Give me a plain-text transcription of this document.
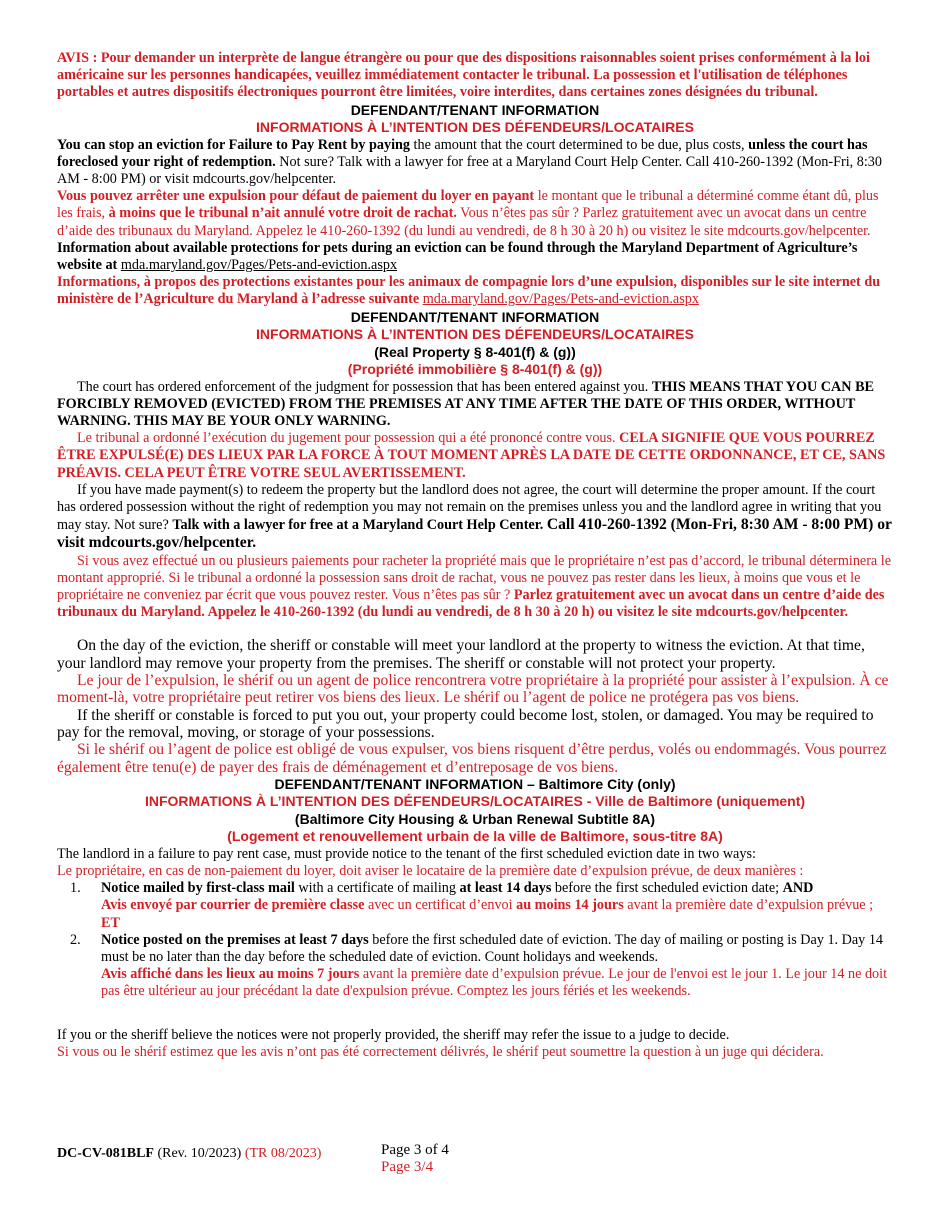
AVIS : Pour demander un interprète de langue étrangère ou pour que des dispositions raisonnables soient prises conformément à la loi américaine sur les personnes handicapées, veuillez immédiatement contacter le tribunal. La possession et l'utilisation de téléphones portables et autres dispositifs électroniques pourront être limitées, voire interdites, dans certaines zones désignées du tribunal.

DEFENDANT/TENANT INFORMATION
INFORMATIONS À L’INTENTION DES DÉFENDEURS/LOCATAIRES

You can stop an eviction for Failure to Pay Rent by paying the amount that the court determined to be due, plus costs, unless the court has foreclosed your right of redemption. Not sure? Talk with a lawyer for free at a Maryland Court Help Center. Call 410-260-1392 (Mon-Fri, 8:30 AM - 8:00 PM) or visit mdcourts.gov/helpcenter.

Vous pouvez arrêter une expulsion pour défaut de paiement du loyer en payant le montant que le tribunal a déterminé comme étant dû, plus les frais, à moins que le tribunal n’ait annulé votre droit de rachat. Vous n’êtes pas sûr ? Parlez gratuitement avec un avocat dans un centre d’aide des tribunaux du Maryland. Appelez le 410-260-1392 (du lundi au vendredi, de 8 h 30 à 20 h) ou visitez le site mdcourts.gov/helpcenter.

Information about available protections for pets during an eviction can be found through the Maryland Department of Agriculture’s website at mda.maryland.gov/Pages/Pets-and-eviction.aspx

Informations, à propos des protections existantes pour les animaux de compagnie lors d’une expulsion, disponibles sur le site internet du ministère de l’Agriculture du Maryland à l’adresse suivante mda.maryland.gov/Pages/Pets-and-eviction.aspx

DEFENDANT/TENANT INFORMATION
INFORMATIONS À L’INTENTION DES DÉFENDEURS/LOCATAIRES
(Real Property § 8-401(f) & (g))
(Propriété immobilière § 8-401(f) & (g))

The court has ordered enforcement of the judgment for possession that has been entered against you. THIS MEANS THAT YOU CAN BE FORCIBLY REMOVED (EVICTED) FROM THE PREMISES AT ANY TIME AFTER THE DATE OF THIS ORDER, WITHOUT WARNING. THIS MAY BE YOUR ONLY WARNING.

Le tribunal a ordonné l’exécution du jugement pour possession qui a été prononcé contre vous. CELA SIGNIFIE QUE VOUS POURREZ ÊTRE EXPULSÉ(E) DES LIEUX PAR LA FORCE À TOUT MOMENT APRÈS LA DATE DE CETTE ORDONNANCE, ET CE, SANS PRÉAVIS. CELA PEUT ÊTRE VOTRE SEUL AVERTISSEMENT.

If you have made payment(s) to redeem the property but the landlord does not agree, the court will determine the proper amount. If the court has ordered possession without the right of redemption you may not remain on the premises unless you and the landlord agree in writing that you may stay. Not sure? Talk with a lawyer for free at a Maryland Court Help Center. Call 410-260-1392 (Mon-Fri, 8:30 AM - 8:00 PM) or visit mdcourts.gov/helpcenter.

Si vous avez effectué un ou plusieurs paiements pour racheter la propriété mais que le propriétaire n’est pas d’accord, le tribunal déterminera le montant approprié. Si le tribunal a ordonné la possession sans droit de rachat, vous ne pouvez pas rester dans les lieux, à moins que vous et le propriétaire ne conveniez par écrit que vous pouvez rester. Vous n’êtes pas sûr ? Parlez gratuitement avec un avocat dans un centre d’aide des tribunaux du Maryland. Appelez le 410-260-1392 (du lundi au vendredi, de 8 h 30 à 20 h) ou visitez le site mdcourts.gov/helpcenter.

On the day of the eviction, the sheriff or constable will meet your landlord at the property to witness the eviction. At that time, your landlord may remove your property from the premises. The sheriff or constable will not protect your property.

Le jour de l’expulsion, le shérif ou un agent de police rencontrera votre propriétaire à la propriété pour assister à l’expulsion. À ce moment-là, votre propriétaire peut retirer vos biens des lieux. Le shérif ou l’agent de police ne protégera pas vos biens.

If the sheriff or constable is forced to put you out, your property could become lost, stolen, or damaged. You may be required to pay for the removal, moving, or storage of your possessions.

Si le shérif ou l’agent de police est obligé de vous expulser, vos biens risquent d’être perdus, volés ou endommagés. Vous pourrez également être tenu(e) de payer des frais de déménagement et d’entreposage de vos biens.

DEFENDANT/TENANT INFORMATION – Baltimore City (only)
INFORMATIONS À L’INTENTION DES DÉFENDEURS/LOCATAIRES - Ville de Baltimore (uniquement)
(Baltimore City Housing & Urban Renewal Subtitle 8A)
(Logement et renouvellement urbain de la ville de Baltimore, sous-titre 8A)

The landlord in a failure to pay rent case, must provide notice to the tenant of the first scheduled eviction date in two ways:

Le propriétaire, en cas de non-paiement du loyer, doit aviser le locataire de la première date d’expulsion prévue, de deux manières :

1. Notice mailed by first-class mail with a certificate of mailing at least 14 days before the first scheduled eviction date; AND
Avis envoyé par courrier de première classe avec un certificat d’envoi au moins 14 jours avant la première date d’expulsion prévue ; ET
2. Notice posted on the premises at least 7 days before the first scheduled date of eviction. The day of mailing or posting is Day 1. Day 14 must be no later than the day before the scheduled date of eviction. Count holidays and weekends.
Avis affiché dans les lieux au moins 7 jours avant la première date d’expulsion prévue. Le jour de l'envoi est le jour 1. Le jour 14 ne doit pas être ultérieur au jour précédant la date d'expulsion prévue. Comptez les jours fériés et les weekends.

If you or the sheriff believe the notices were not properly provided, the sheriff may refer the issue to a judge to decide.

Si vous ou le shérif estimez que les avis n’ont pas été correctement délivrés, le shérif peut soumettre la question à un juge qui décidera.

DC-CV-081BLF (Rev. 10/2023) (TR 08/2023)	Page 3 of 4
Page 3/4
